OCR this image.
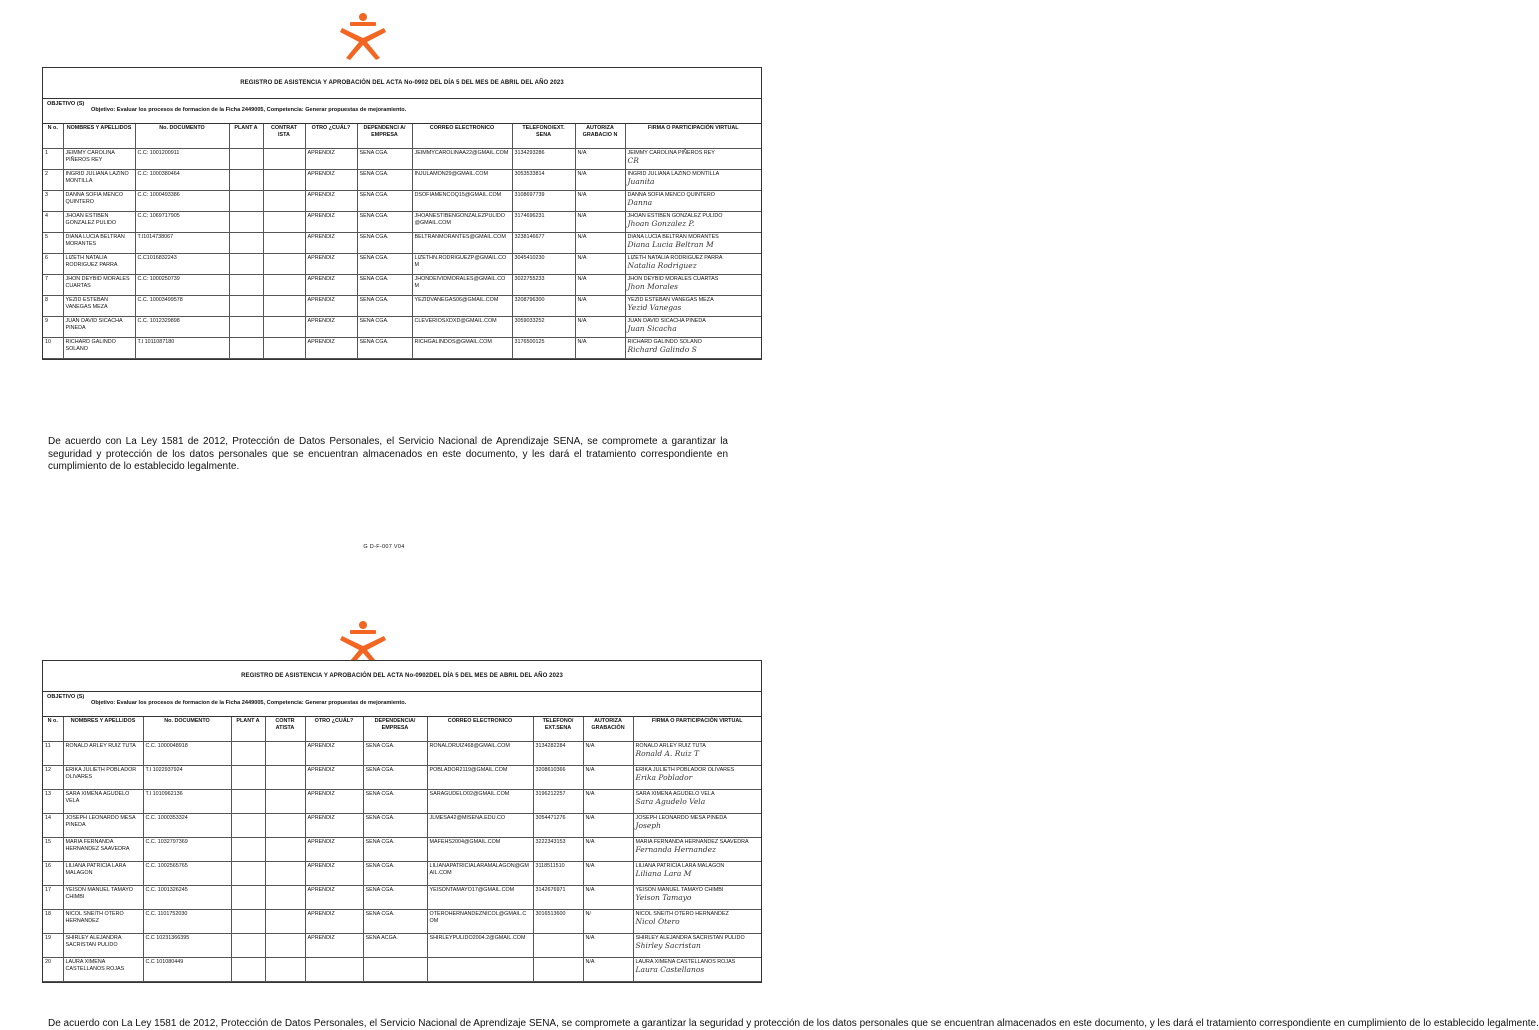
REGISTRO DE ASISTENCIA Y APROBACIÓN DEL ACTA No-0902 DEL DÍA 5 DEL MES DE ABRIL DEL AÑO 2023
OBJETIVO (S)
Objetivo: Evaluar los procesos de formacion de la Ficha 2449005, Competencia: Generar propuestas de mejoramiento.
N o.	NOMBRES Y APELLIDOS	No. DOCUMENTO	PLANT A	CONTRAT ISTA	OTRO ¿CUÁL?	DEPENDENCI A/ EMPRESA	CORREO ELECTRONICO	TELEFONO/EXT. SENA	AUTORIZA GRABACIO N	FIRMA O PARTICIPACIÓN VIRTUAL
1	JEIMMY CAROLINA PIÑEROS REY	C.C: 1001200911			APRENDIZ	SENA CGA.	JEIMMYCAROLINAA22@GMAIL.COM	3134293286	N/A	JEIMMY CAROLINA PIÑEROS REY
CR

2	INGRID JULIANA LAZINO MONTILLA	C.C: 1000380464			APRENDIZ	SENA CGA.	INJULAMON29@GMAIL.COM	3053533814	N/A	INGRID JULIANA LAZINO MONTILLA
Juanita

3	DANNA SOFIA MENCO QUINTERO	C.C: 1000493386			APRENDIZ	SENA CGA.	DSOFIAMENCOQ15@GMAIL.COM	3108697739	N/A	DANNA SOFIA MENCO QUINTERO
Danna

4	JHOAN ESTIBEN GONZALEZ PULIDO	C.C: 1069717905			APRENDIZ	SENA CGA.	JHOANESTIBENGONZALEZPULIDO@GMAIL.COM	3174696231	N/A	JHOAN ESTIBEN GONZALEZ PULIDO
Jhoan Gonzalez P.

5	DIANA LUCIA BELTRAN MORANTES	T.I1014738067			APRENDIZ	SENA CGA.	BELTRANMORANTES@GMAIL.COM	3238146677	N/A	DIANA LUCIA BELTRAN MORANTES
Diana Lucia Beltran M

6	LIZETH NATALIA RODRIGUEZ PARRA	C.C1016832243			APRENDIZ	SENA CGA.	LIZETHN.RODRIGUEZP@GMAIL.COM	3045410230	N/A	LIZETH NATALIA RODRIGUEZ PARRA
Natalia Rodriguez

7	JHON DEYBID MORALES CUARTAS	C.C: 1000250739			APRENDIZ	SENA CGA.	JHONDEIVIDMORALES@GMAIL.COM	3022755233	N/A	JHON DEYBID MORALES CUARTAS
Jhon Morales

8	YEZID ESTEBAN VANEGAS MEZA	C.C. 10003499578			APRENDIZ	SENA CGA.	YEZIDVANEGAS06@GMAIL.COM	3208796300	N/A	YEZID ESTEBAN VANEGAS MEZA
Yezid Vanegas

9	JUAN DAVID SICACHA PINEDA	C.C. 1012329898			APRENDIZ	SENA CGA.	CLEVERIOSXDXD@GMAIL.COM	3059033252	N/A	JUAN DAVID SICACHA PINEDA
Juan Sicacha

10	RICHARD GALINDO SOLANO	T.I 1011087180			APRENDIZ	SENA CGA.	RICHGALINDOS@GMAIL.COM	3176500125	N/A	RICHARD GALINDO SOLANO
Richard Galindo S
De acuerdo con La Ley 1581 de 2012, Protección de Datos Personales, el Servicio Nacional de Aprendizaje SENA, se compromete a garantizar la seguridad y protección de los datos personales que se encuentran almacenados en este documento, y les dará el tratamiento correspondiente en cumplimiento de lo establecido legalmente.
G D-F-007 V04
REGISTRO DE ASISTENCIA Y APROBACIÓN DEL ACTA No-0902DEL DÍA 5 DEL MES DE ABRIL DEL AÑO 2023
OBJETIVO (S)
Objetivo: Evaluar los procesos de formacion de la Ficha 2449005, Competencia: Generar propuestas de mejoramiento.
N o.	NOMBRES Y APELLIDOS	No. DOCUMENTO	PLANT A	CONTR ATISTA	OTRO ¿CUÁL?	DEPENDENCIA/ EMPRESA	CORREO ELECTRONICO	TELEFONO/ EXT.SENA	AUTORIZA GRABACIÓN	FIRMA O PARTICIPACIÓN VIRTUAL
11	RONALD ARLEY RUIZ TUTA	C.C. 1000048918			APRENDIZ	SENA CGA.	RONALDRUIZ468@GMAIL.COM	3134282284	N/A	RONALD ARLEY RUIZ TUTA
Ronald A. Ruiz T

12	ERIKA JULIETH POBLADOR OLIVARES	T.I 1022937924			APRENDIZ	SENA CGA.	POBLADOR2119@GMAIL.COM	3208610366	N/A	ERIKA JULIETH POBLADOR OLIVARES
Erika Poblador

13	SARA XIMENA AGUDELO VELA	T.I 1010962136			APRENDIZ	SENA CGA.	SARAGUDELO02@GMAIL.COM	3196212257	N/A	SARA XIMENA AGUDELO VELA
Sara Agudelo Vela

14	JOSEPH LEONARDO MESA PINEDA	C.C. 1000353324			APRENDIZ	SENA CGA.	JLMESA42@MISENA.EDU.CO	3054471276	N/A	JOSEPH LEONARDO MESA PINEDA
Joseph

15	MARIA FERNANDA HERNANDEZ SAAVEDRA	C.C. 1032797369			APRENDIZ	SENA CGA.	MAFEHS2004@GMAIL.COM	3222343153	N/A	MARIA FERNANDA HERNANDEZ SAAVEDRA
Fernanda Hernandez

16	LILIANA PATRICIA LARA MALAGON	C.C. 1002565765			APRENDIZ	SENA CGA.	LILIANAPATRICIALARAMALAGON@GMAIL.COM	3118511510	N/A	LILIANA PATRICIA LARA MALAGON
Liliana Lara M

17	YEISON MANUEL TAMAYO CHIMBI	C.C. 1001326245			APRENDIZ	SENA CGA.	YEISONTAMAYO17@GMAIL.COM	3142676971	N/A	YEISON MANUEL TAMAYO CHIMBI
Yeison Tamayo

18	NICOL SNEITH OTERO HERNANDEZ	C.C. 1101752030			APRENDIZ	SENA CGA.	OTEROHERNANDEZNICOL@GMAIL.COM	3016513600	N/	NICOL SNEITH OTERO HERNANDEZ
Nicol Otero

19	SHIRLEY ALEJANDRA SACRISTAN PULIDO	C.C 10231366395			APRENDIZ	SENA ACGA.	SHIRLEYPULIDO2004.2@GMAIL.COM		N/A	SHIRLEY ALEJANDRA SACRISTAN PULIDO
Shirley Sacristan

20	LAURA XIMENA CASTELLANOS ROJAS	C.C 101080449							N/A	LAURA XIMENA CASTELLANOS ROJAS
Laura Castellanos
De acuerdo con La Ley 1581 de 2012, Protección de Datos Personales, el Servicio Nacional de Aprendizaje SENA, se compromete a garantizar la seguridad y protección de los datos personales que se encuentran almacenados en este documento, y les dará el tratamiento correspondiente en cumplimiento de lo establecido legalmente.
